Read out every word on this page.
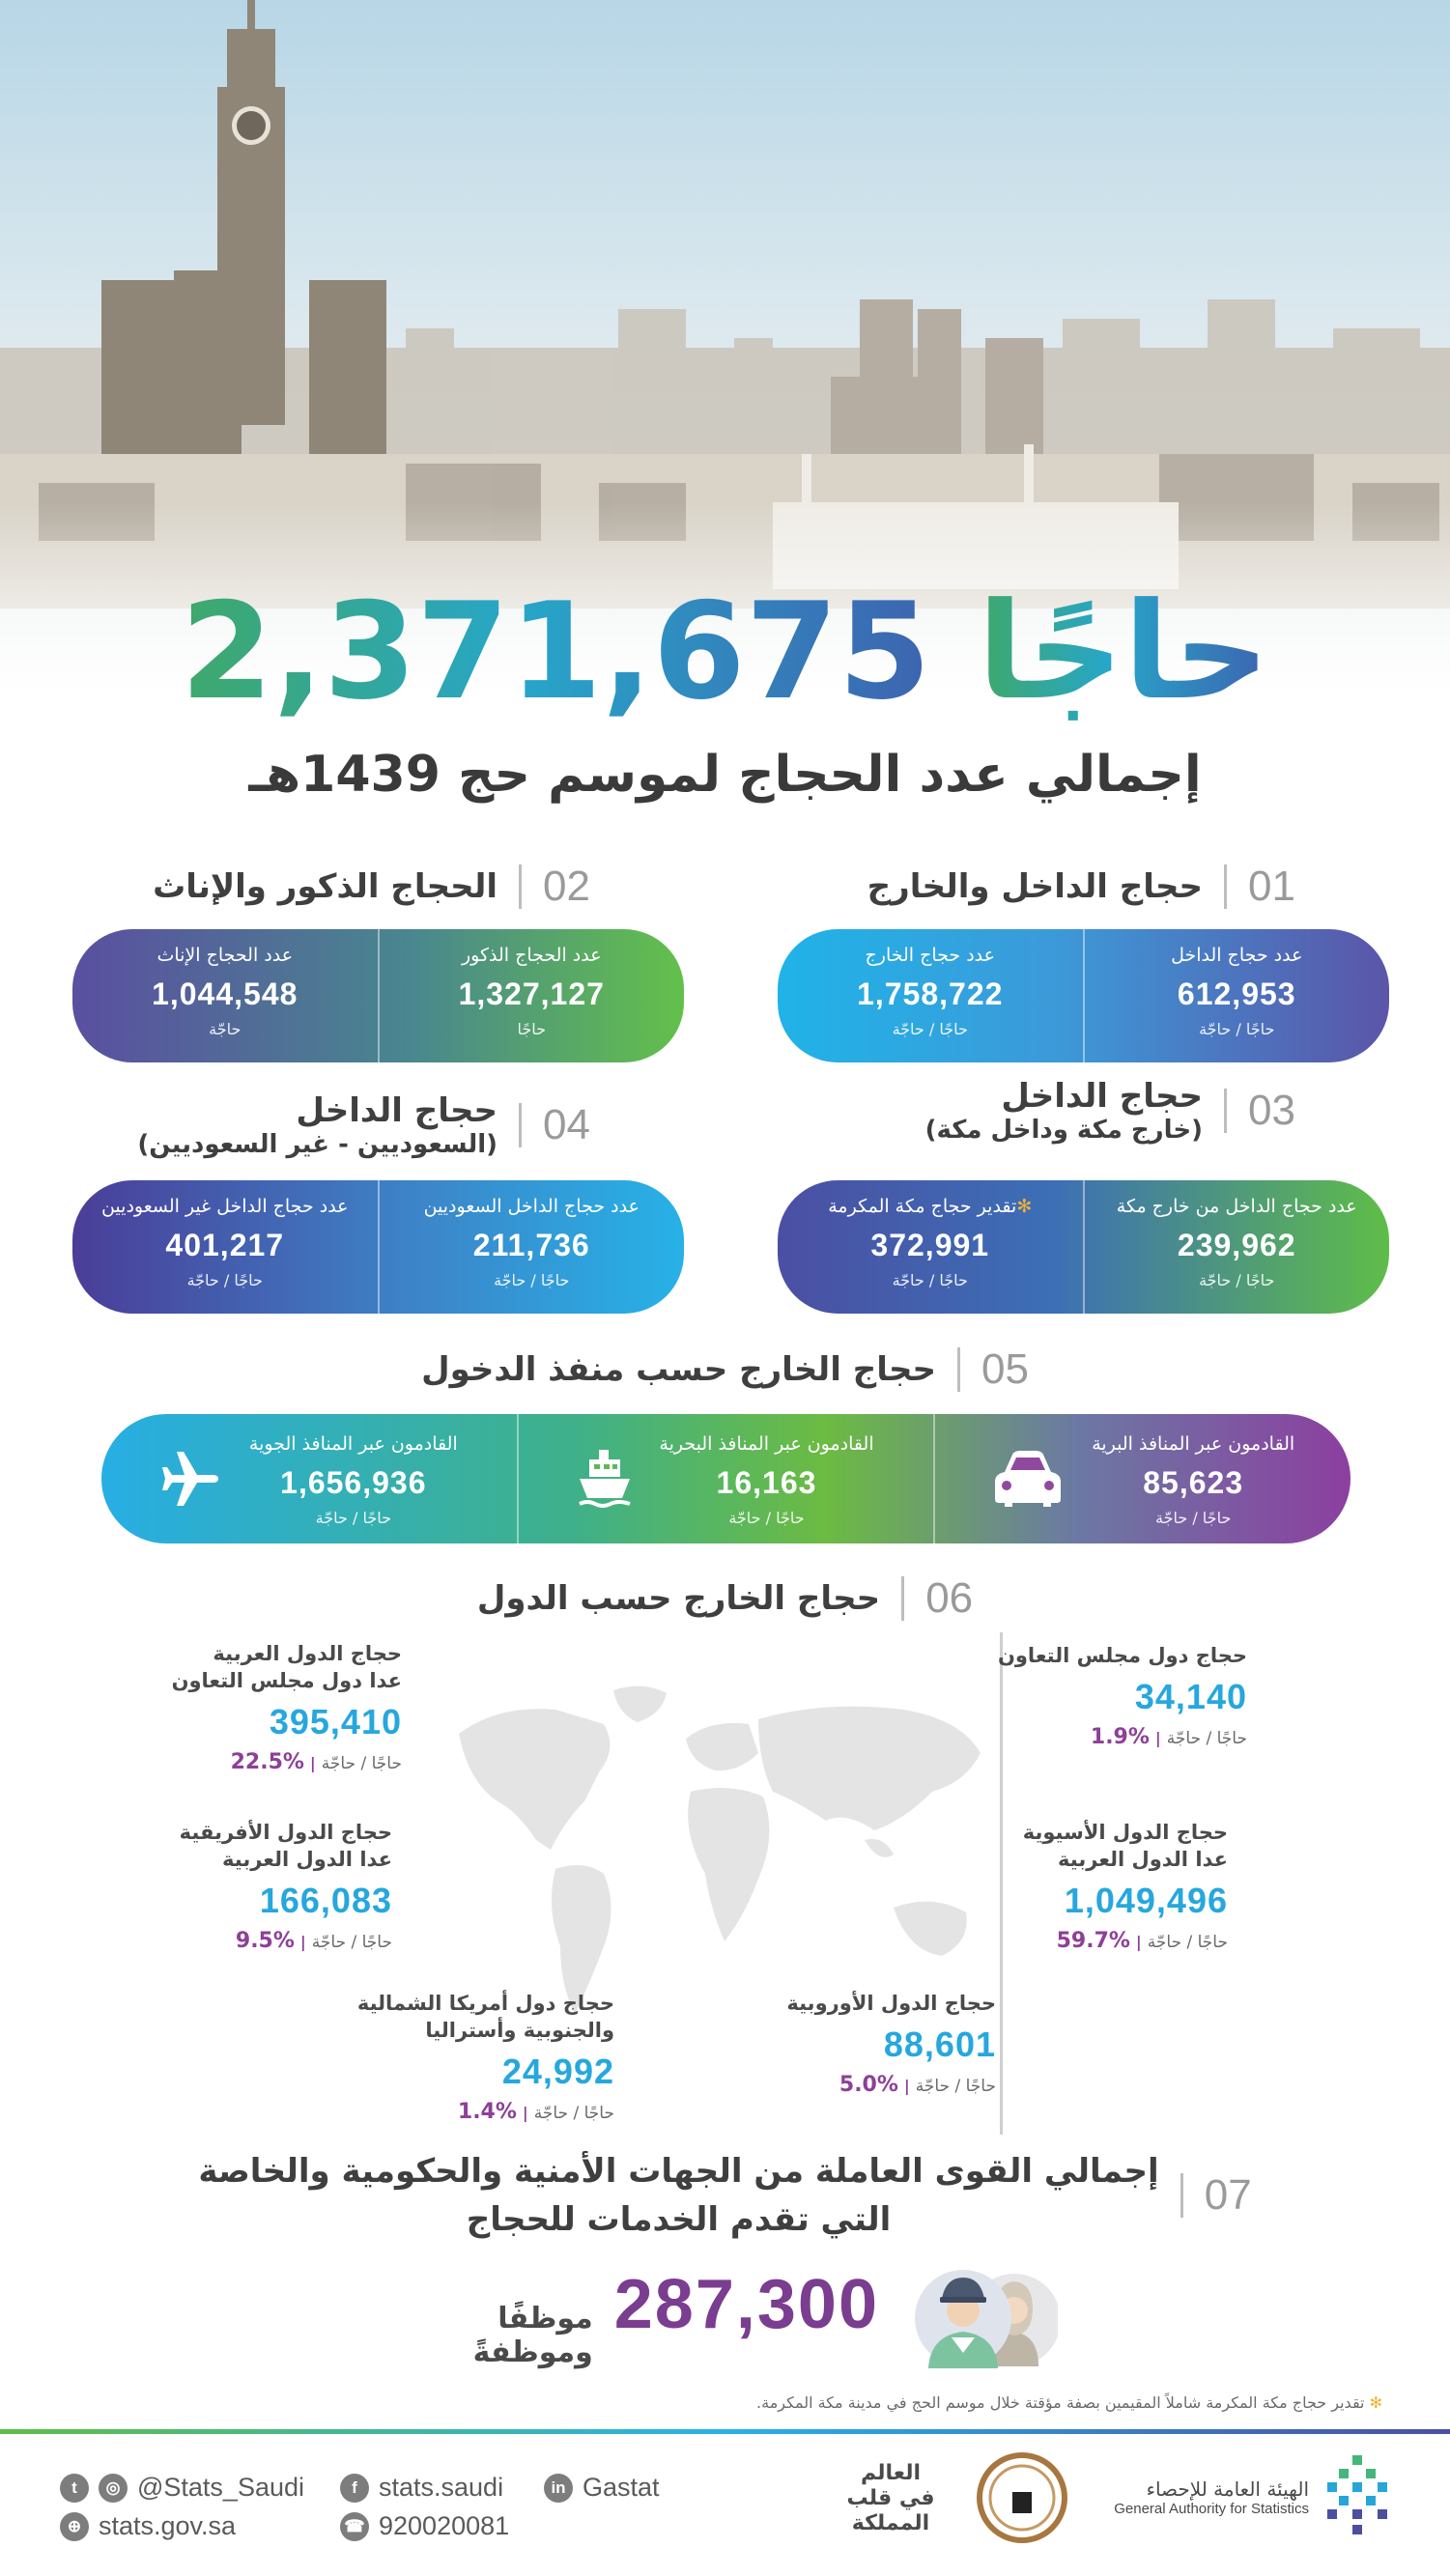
حاجًا 2,371,675
إجمالي عدد الحجاج لموسم حج 1439هـ
01
حجاج الداخل والخارج
02
الحجاج الذكور والإناث
عدد حجاج الداخل
612,953
حاجًا / حاجّة
عدد حجاج الخارج
1,758,722
حاجًا / حاجّة
عدد الحجاج الذكور
1,327,127
حاجًا
عدد الحجاج الإناث
1,044,548
حاجّة
03
حجاج الداخل
(خارج مكة وداخل مكة)
04
حجاج الداخل
(السعوديين - غير السعوديين)
عدد حجاج الداخل من خارج مكة
239,962
حاجًا / حاجّة
✻تقدير حجاج مكة المكرمة
372,991
حاجًا / حاجّة
عدد حجاج الداخل السعوديين
211,736
حاجًا / حاجّة
عدد حجاج الداخل غير السعوديين
401,217
حاجًا / حاجّة
05
حجاج الخارج حسب منفذ الدخول
القادمون عبر المنافذ البرية
85,623
حاجًا / حاجّة
القادمون عبر المنافذ البحرية
16,163
حاجًا / حاجّة
القادمون عبر المنافذ الجوية
1,656,936
حاجًا / حاجّة
06
حجاج الخارج حسب الدول
حجاج دول مجلس التعاون
34,140
حاجًا / حاجّة|%1.9
حجاج الدول الأسيوية
عدا الدول العربية
1,049,496
حاجًا / حاجّة|%59.7
حجاج الدول الأوروبية
88,601
حاجًا / حاجّة|%5.0
حجاج الدول العربية
عدا دول مجلس التعاون
395,410
حاجًا / حاجّة|%22.5
حجاج الدول الأفريقية
عدا الدول العربية
166,083
حاجًا / حاجّة|%9.5
حجاج دول أمريكا الشمالية
والجنوبية وأستراليا
24,992
حاجًا / حاجّة|%1.4
07
إجمالي القوى العاملة من الجهات الأمنية والحكومية والخاصة
التي تقدم الخدمات للحجاج
287,300
موظفًا وموظفةً
✻ تقدير حجاج مكة المكرمة شاملاً المقيمين بصفة مؤقتة خلال موسم الحج في مدينة مكة المكرمة.
t	◎ @Stats_Saudi
⊕ stats.gov.sa
f stats.saudi
☎ 920020081
in Gastat	العالم
في قلب
المملكة
الهيئة العامة للإحصاء
General Authority for Statistics
